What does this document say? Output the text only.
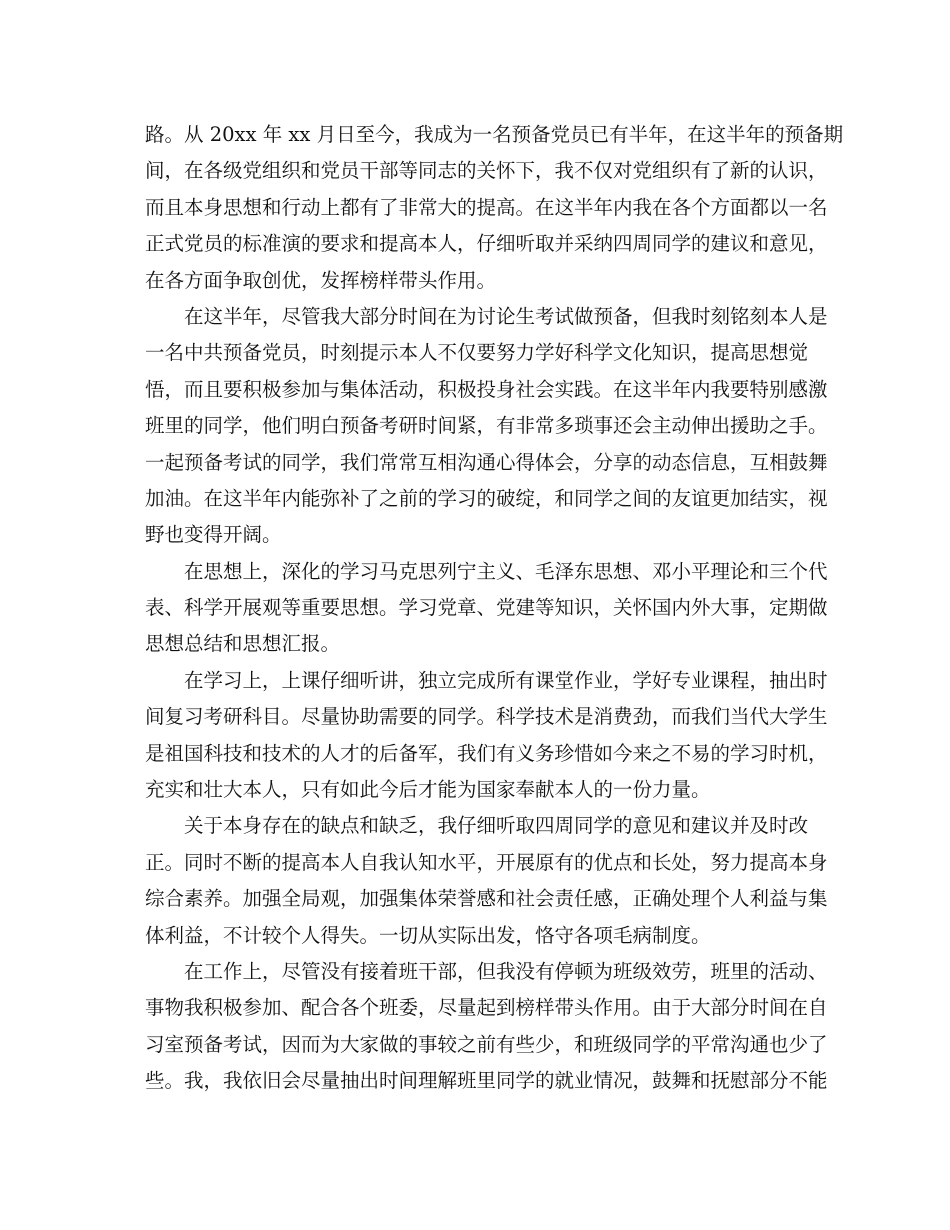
路。从 20xx 年 xx 月日至今，我成为一名预备党员已有半年，在这半年的预备期
间，在各级党组织和党员干部等同志的关怀下，我不仅对党组织有了新的认识，
而且本身思想和行动上都有了非常大的提高。在这半年内我在各个方面都以一名
正式党员的标准演的要求和提高本人，仔细听取并采纳四周同学的建议和意见，
在各方面争取创优，发挥榜样带头作用。
在这半年，尽管我大部分时间在为讨论生考试做预备，但我时刻铭刻本人是
一名中共预备党员，时刻提示本人不仅要努力学好科学文化知识，提高思想觉
悟，而且要积极参加与集体活动，积极投身社会实践。在这半年内我要特别感激
班里的同学，他们明白预备考研时间紧，有非常多琐事还会主动伸出援助之手。
一起预备考试的同学，我们常常互相沟通心得体会，分享的动态信息，互相鼓舞
加油。在这半年内能弥补了之前的学习的破绽，和同学之间的友谊更加结实，视
野也变得开阔。
在思想上，深化的学习马克思列宁主义、毛泽东思想、邓小平理论和三个代
表、科学开展观等重要思想。学习党章、党建等知识，关怀国内外大事，定期做
思想总结和思想汇报。
在学习上，上课仔细听讲，独立完成所有课堂作业，学好专业课程，抽出时
间复习考研科目。尽量协助需要的同学。科学技术是消费劲，而我们当代大学生
是祖国科技和技术的人才的后备军，我们有义务珍惜如今来之不易的学习时机，
充实和壮大本人，只有如此今后才能为国家奉献本人的一份力量。
关于本身存在的缺点和缺乏，我仔细听取四周同学的意见和建议并及时改
正。同时不断的提高本人自我认知水平，开展原有的优点和长处，努力提高本身
综合素养。加强全局观，加强集体荣誉感和社会责任感，正确处理个人利益与集
体利益，不计较个人得失。一切从实际出发，恪守各项毛病制度。
在工作上，尽管没有接着班干部，但我没有停顿为班级效劳，班里的活动、
事物我积极参加、配合各个班委，尽量起到榜样带头作用。由于大部分时间在自
习室预备考试，因而为大家做的事较之前有些少，和班级同学的平常沟通也少了
些。我，我依旧会尽量抽出时间理解班里同学的就业情况，鼓舞和抚慰部分不能
